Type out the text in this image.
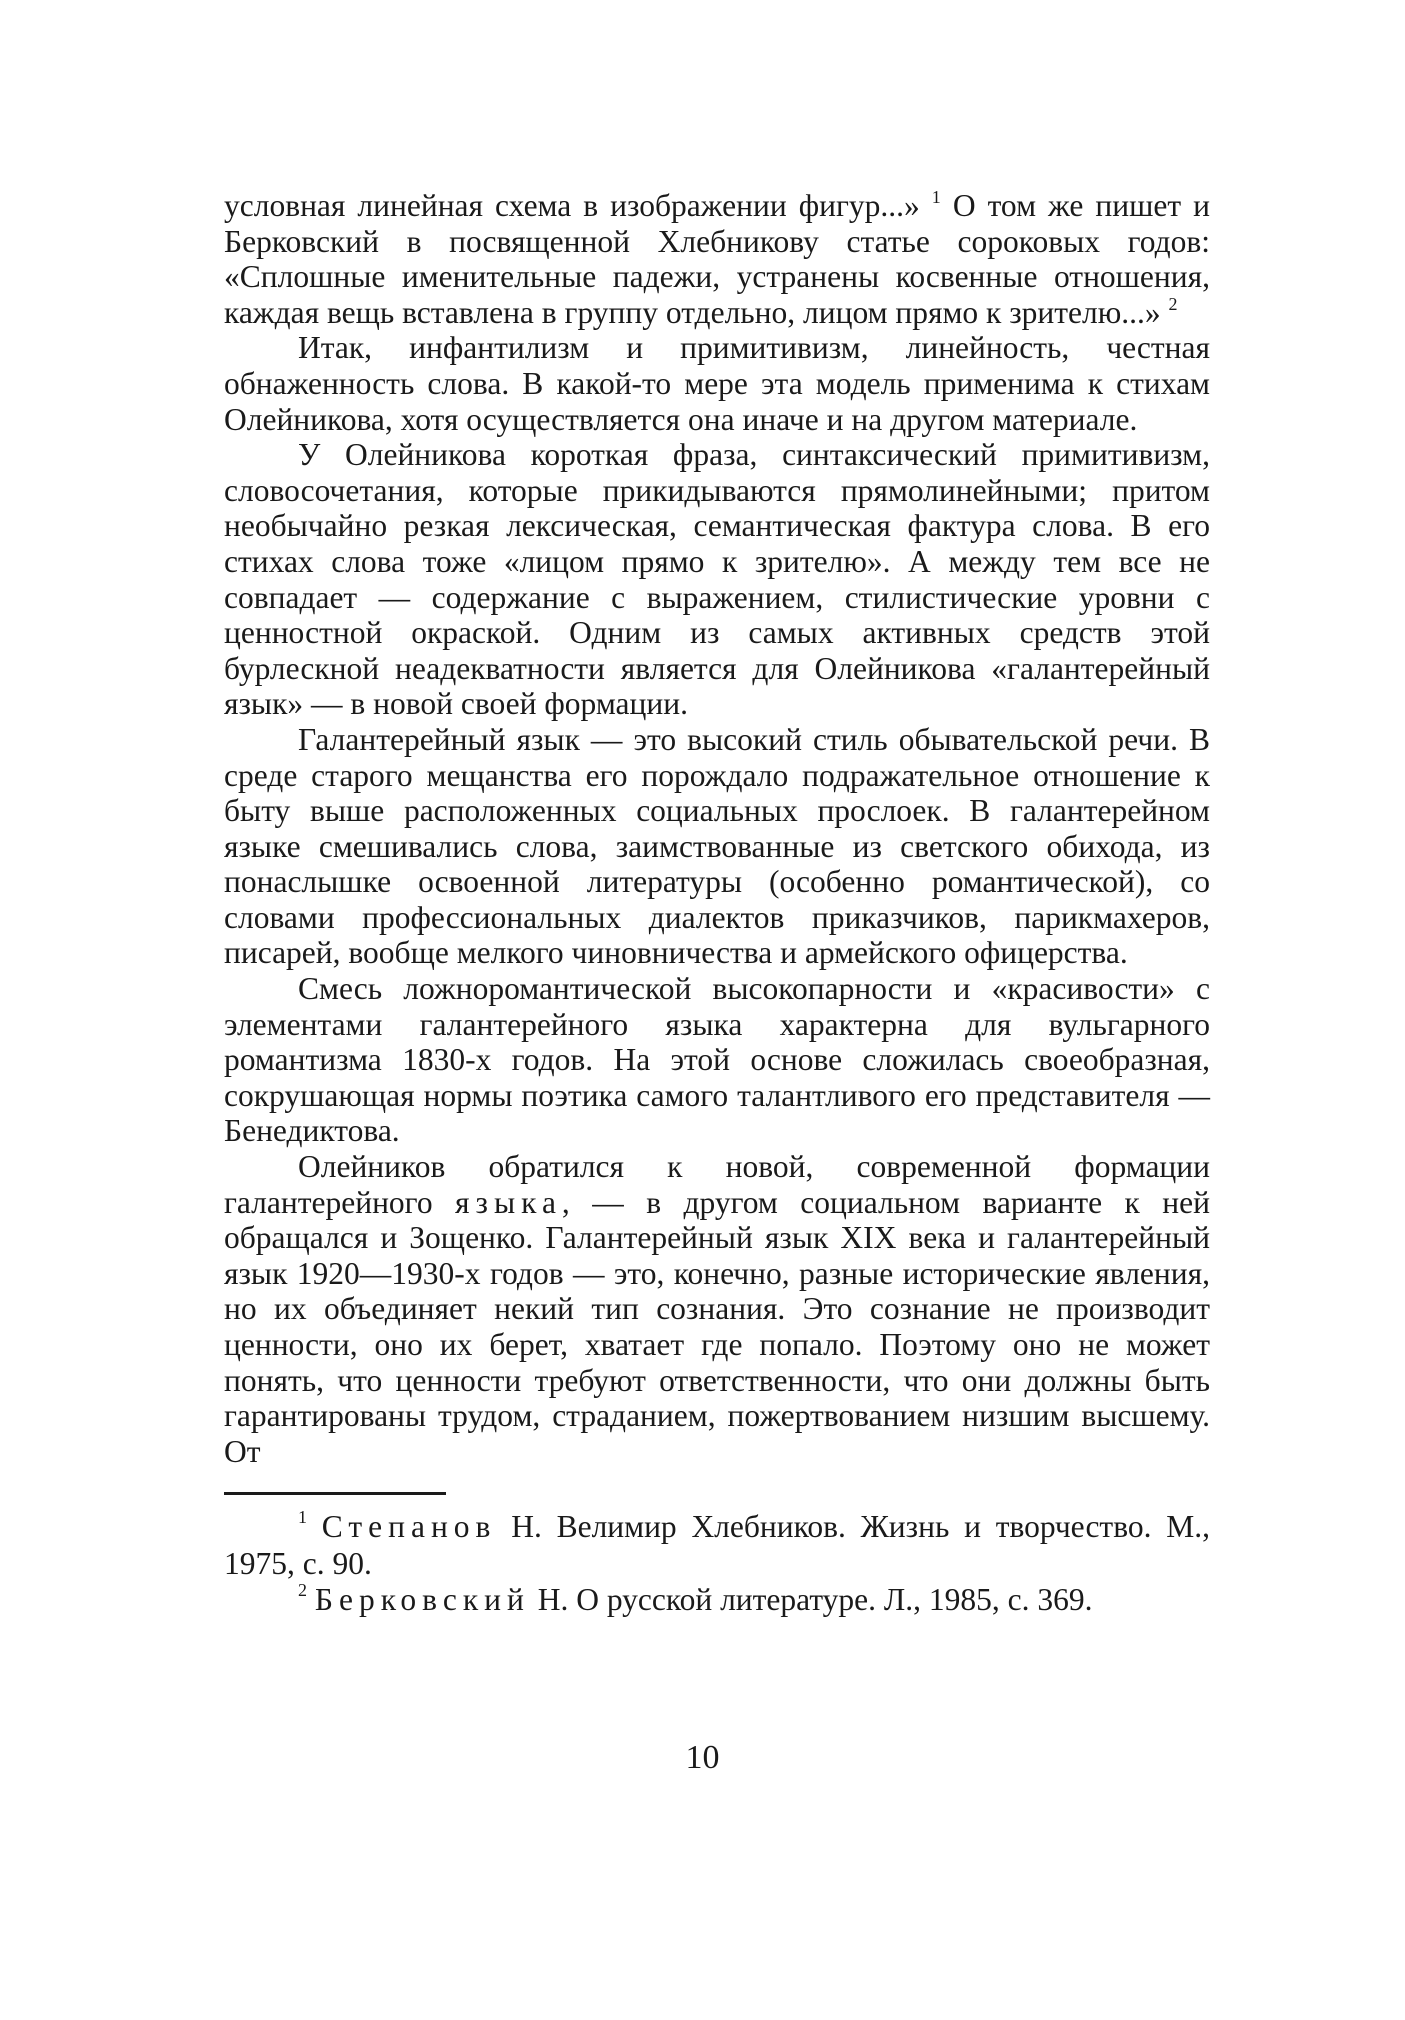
условная линейная схема в изображении фигур...» $^1$ О том же пишет и Берковский в посвященной Хлебникову статье сороковых годов: «Сплошные именительные падежи, устранены косвенные отношения, каждая вещь вставлена в группу отдельно, лицом прямо к зрителю...» $^2$

Итак, инфантилизм и примитивизм, линейность, честная обнаженность слова. В какой-то мере эта модель применима к стихам Олейникова, хотя осуществляется она иначе и на другом материале.

У Олейникова короткая фраза, синтаксический примитивизм, словосочетания, которые прикидываются прямолинейными; притом необычайно резкая лексическая, семантическая фактура слова. В его стихах слова тоже «лицом прямо к зрителю». А между тем все не совпадает — содержание с выражением, стилистические уровни с ценностной окраской. Одним из самых активных средств этой бурлескной неадекватности является для Олейникова «галантерейный язык» — в новой своей формации.

Галантерейный язык — это высокий стиль обывательской речи. В среде старого мещанства его порождало подражательное отношение к быту выше расположенных социальных прослоек. В галантерейном языке смешивались слова, заимствованные из светского обихода, из понаслышке освоенной литературы (особенно романтической), со словами профессиональных диалектов приказчиков, парикмахеров, писарей, вообще мелкого чиновничества и армейского офицерства.

Смесь ложноромантической высокопарности и «красивости» с элементами галантерейного языка характерна для вульгарного романтизма 1830-х годов. На этой основе сложилась своеобразная, сокрушающая нормы поэтика самого талантливого его представителя — Бенедиктова.

Олейников обратился к новой, современной формации галантерейного языка, — в другом социальном варианте к ней обращался и Зощенко. Галантерейный язык XIX века и галантерейный язык 1920—1930-х годов — это, конечно, разные исторические явления, но их объединяет некий тип сознания. Это сознание не производит ценности, оно их берет, хватает где попало. Поэтому оно не может понять, что ценности требуют ответственности, что они должны быть гарантированы трудом, страданием, пожертвованием низшим высшему. От

$^1$ Степанов Н. Велимир Хлебников. Жизнь и творчество. М., 1975, с. 90.

$^2$ Берковский Н. О русской литературе. Л., 1985, с. 369.

10
